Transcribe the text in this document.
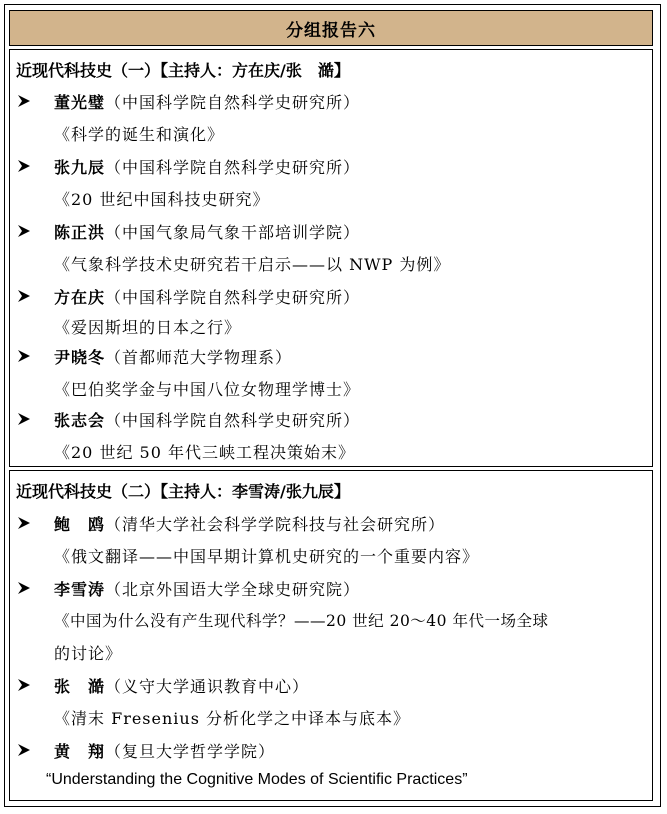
分组报告六
近现代科技史（一）【主持人：方在庆/张　澔】
董光璧（中国科学院自然科学史研究所）
《科学的诞生和演化》
张九辰（中国科学院自然科学史研究所）
《20 世纪中国科技史研究》
陈正洪（中国气象局气象干部培训学院）
《气象科学技术史研究若干启示——以 NWP 为例》
方在庆（中国科学院自然科学史研究所）
《爱因斯坦的日本之行》
尹晓冬（首都师范大学物理系）
《巴伯奖学金与中国八位女物理学博士》
张志会（中国科学院自然科学史研究所）
《20 世纪 50 年代三峡工程决策始末》
近现代科技史（二）【主持人：李雪涛/张九辰】
鲍　鸥（清华大学社会科学学院科技与社会研究所）
《俄文翻译——中国早期计算机史研究的一个重要内容》
李雪涛（北京外国语大学全球史研究院）
《中国为什么没有产生现代科学？——20 世纪 20～40 年代一场全球
的讨论》
张　澔（义守大学通识教育中心）
《清末 Fresenius 分析化学之中译本与底本》
黄　翔（复旦大学哲学学院）
“Understanding the Cognitive Modes of Scientific Practices”
